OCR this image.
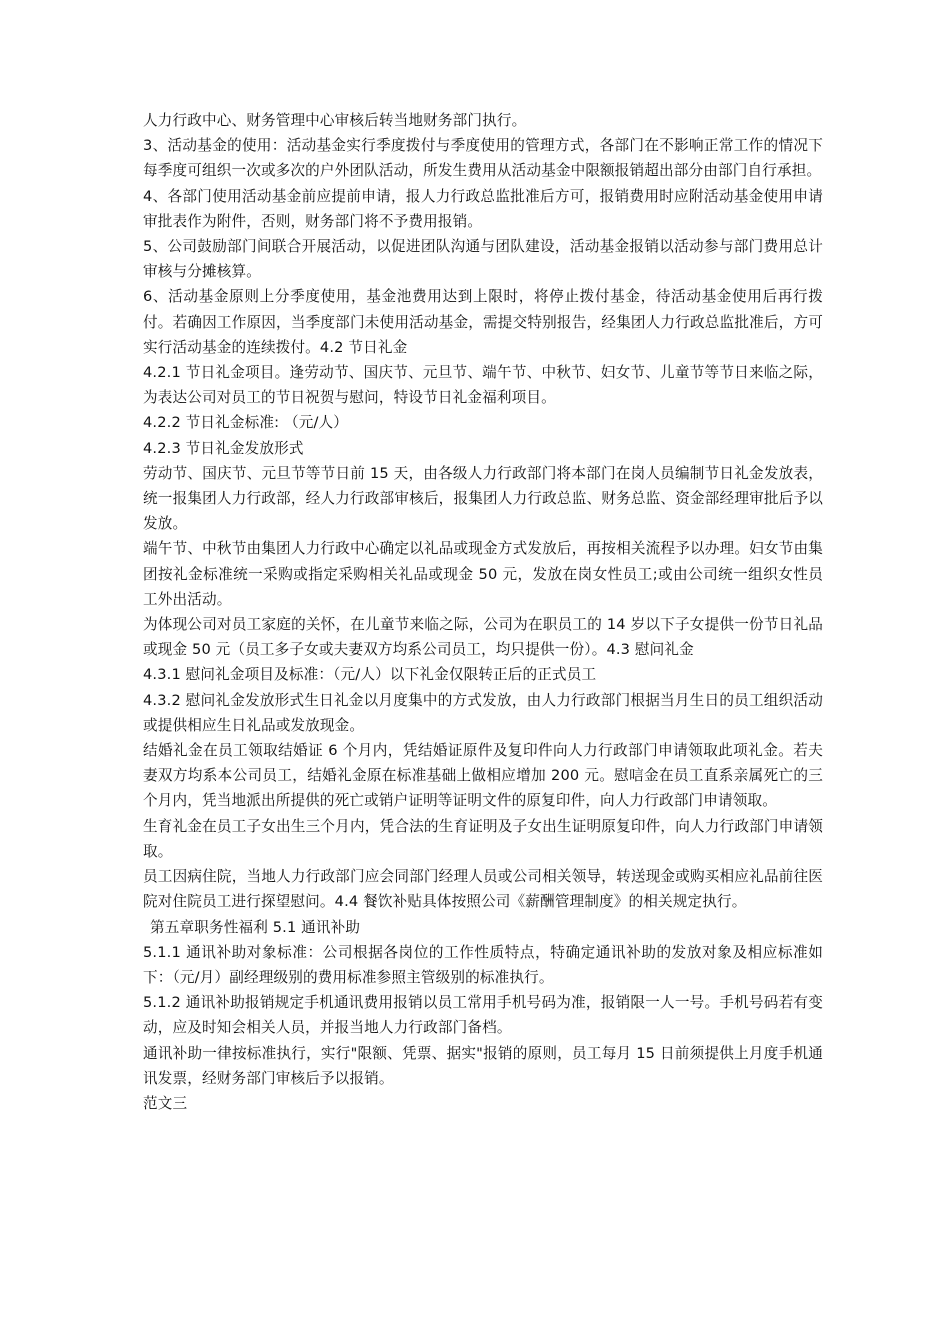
人力行政中心、财务管理中心审核后转当地财务部门执行。

3、活动基金的使用：活动基金实行季度拨付与季度使用的管理方式，各部门在不影响正常工作的情况下每季度可组织一次或多次的户外团队活动，所发生费用从活动基金中限额报销超出部分由部门自行承担。

4、各部门使用活动基金前应提前申请，报人力行政总监批准后方可，报销费用时应附活动基金使用申请审批表作为附件，否则，财务部门将不予费用报销。

5、公司鼓励部门间联合开展活动，以促进团队沟通与团队建设，活动基金报销以活动参与部门费用总计审核与分摊核算。

6、活动基金原则上分季度使用，基金池费用达到上限时，将停止拨付基金，待活动基金使用后再行拨付。若确因工作原因，当季度部门未使用活动基金，需提交特别报告，经集团人力行政总监批准后，方可实行活动基金的连续拨付。4.2 节日礼金

4.2.1 节日礼金项目。逢劳动节、国庆节、元旦节、端午节、中秋节、妇女节、儿童节等节日来临之际，为表达公司对员工的节日祝贺与慰问，特设节日礼金福利项目。

4.2.2 节日礼金标准: （元/人）

4.2.3 节日礼金发放形式

劳动节、国庆节、元旦节等节日前 15 天，由各级人力行政部门将本部门在岗人员编制节日礼金发放表，统一报集团人力行政部，经人力行政部审核后，报集团人力行政总监、财务总监、资金部经理审批后予以发放。

端午节、中秋节由集团人力行政中心确定以礼品或现金方式发放后，再按相关流程予以办理。妇女节由集团按礼金标准统一采购或指定采购相关礼品或现金 50 元，发放在岗女性员工;或由公司统一组织女性员工外出活动。

为体现公司对员工家庭的关怀，在儿童节来临之际，公司为在职员工的 14 岁以下子女提供一份节日礼品或现金 50 元（员工多子女或夫妻双方均系公司员工，均只提供一份）。4.3 慰问礼金

4.3.1 慰问礼金项目及标准：（元/人）以下礼金仅限转正后的正式员工

4.3.2 慰问礼金发放形式生日礼金以月度集中的方式发放，由人力行政部门根据当月生日的员工组织活动或提供相应生日礼品或发放现金。

结婚礼金在员工领取结婚证 6 个月内，凭结婚证原件及复印件向人力行政部门申请领取此项礼金。若夫妻双方均系本公司员工，结婚礼金原在标准基础上做相应增加 200 元。慰唁金在员工直系亲属死亡的三个月内，凭当地派出所提供的死亡或销户证明等证明文件的原复印件，向人力行政部门申请领取。

生育礼金在员工子女出生三个月内，凭合法的生育证明及子女出生证明原复印件，向人力行政部门申请领取。

员工因病住院，当地人力行政部门应会同部门经理人员或公司相关领导，转送现金或购买相应礼品前往医院对住院员工进行探望慰问。4.4 餐饮补贴具体按照公司《薪酬管理制度》的相关规定执行。

第五章职务性福利 5.1 通讯补助

5.1.1 通讯补助对象标准：公司根据各岗位的工作性质特点，特确定通讯补助的发放对象及相应标准如下：（元/月）副经理级别的费用标准参照主管级别的标准执行。

5.1.2 通讯补助报销规定手机通讯费用报销以员工常用手机号码为准，报销限一人一号。手机号码若有变动，应及时知会相关人员，并报当地人力行政部门备档。

通讯补助一律按标准执行，实行"限额、凭票、据实"报销的原则，员工每月 15 日前须提供上月度手机通讯发票，经财务部门审核后予以报销。

范文三
